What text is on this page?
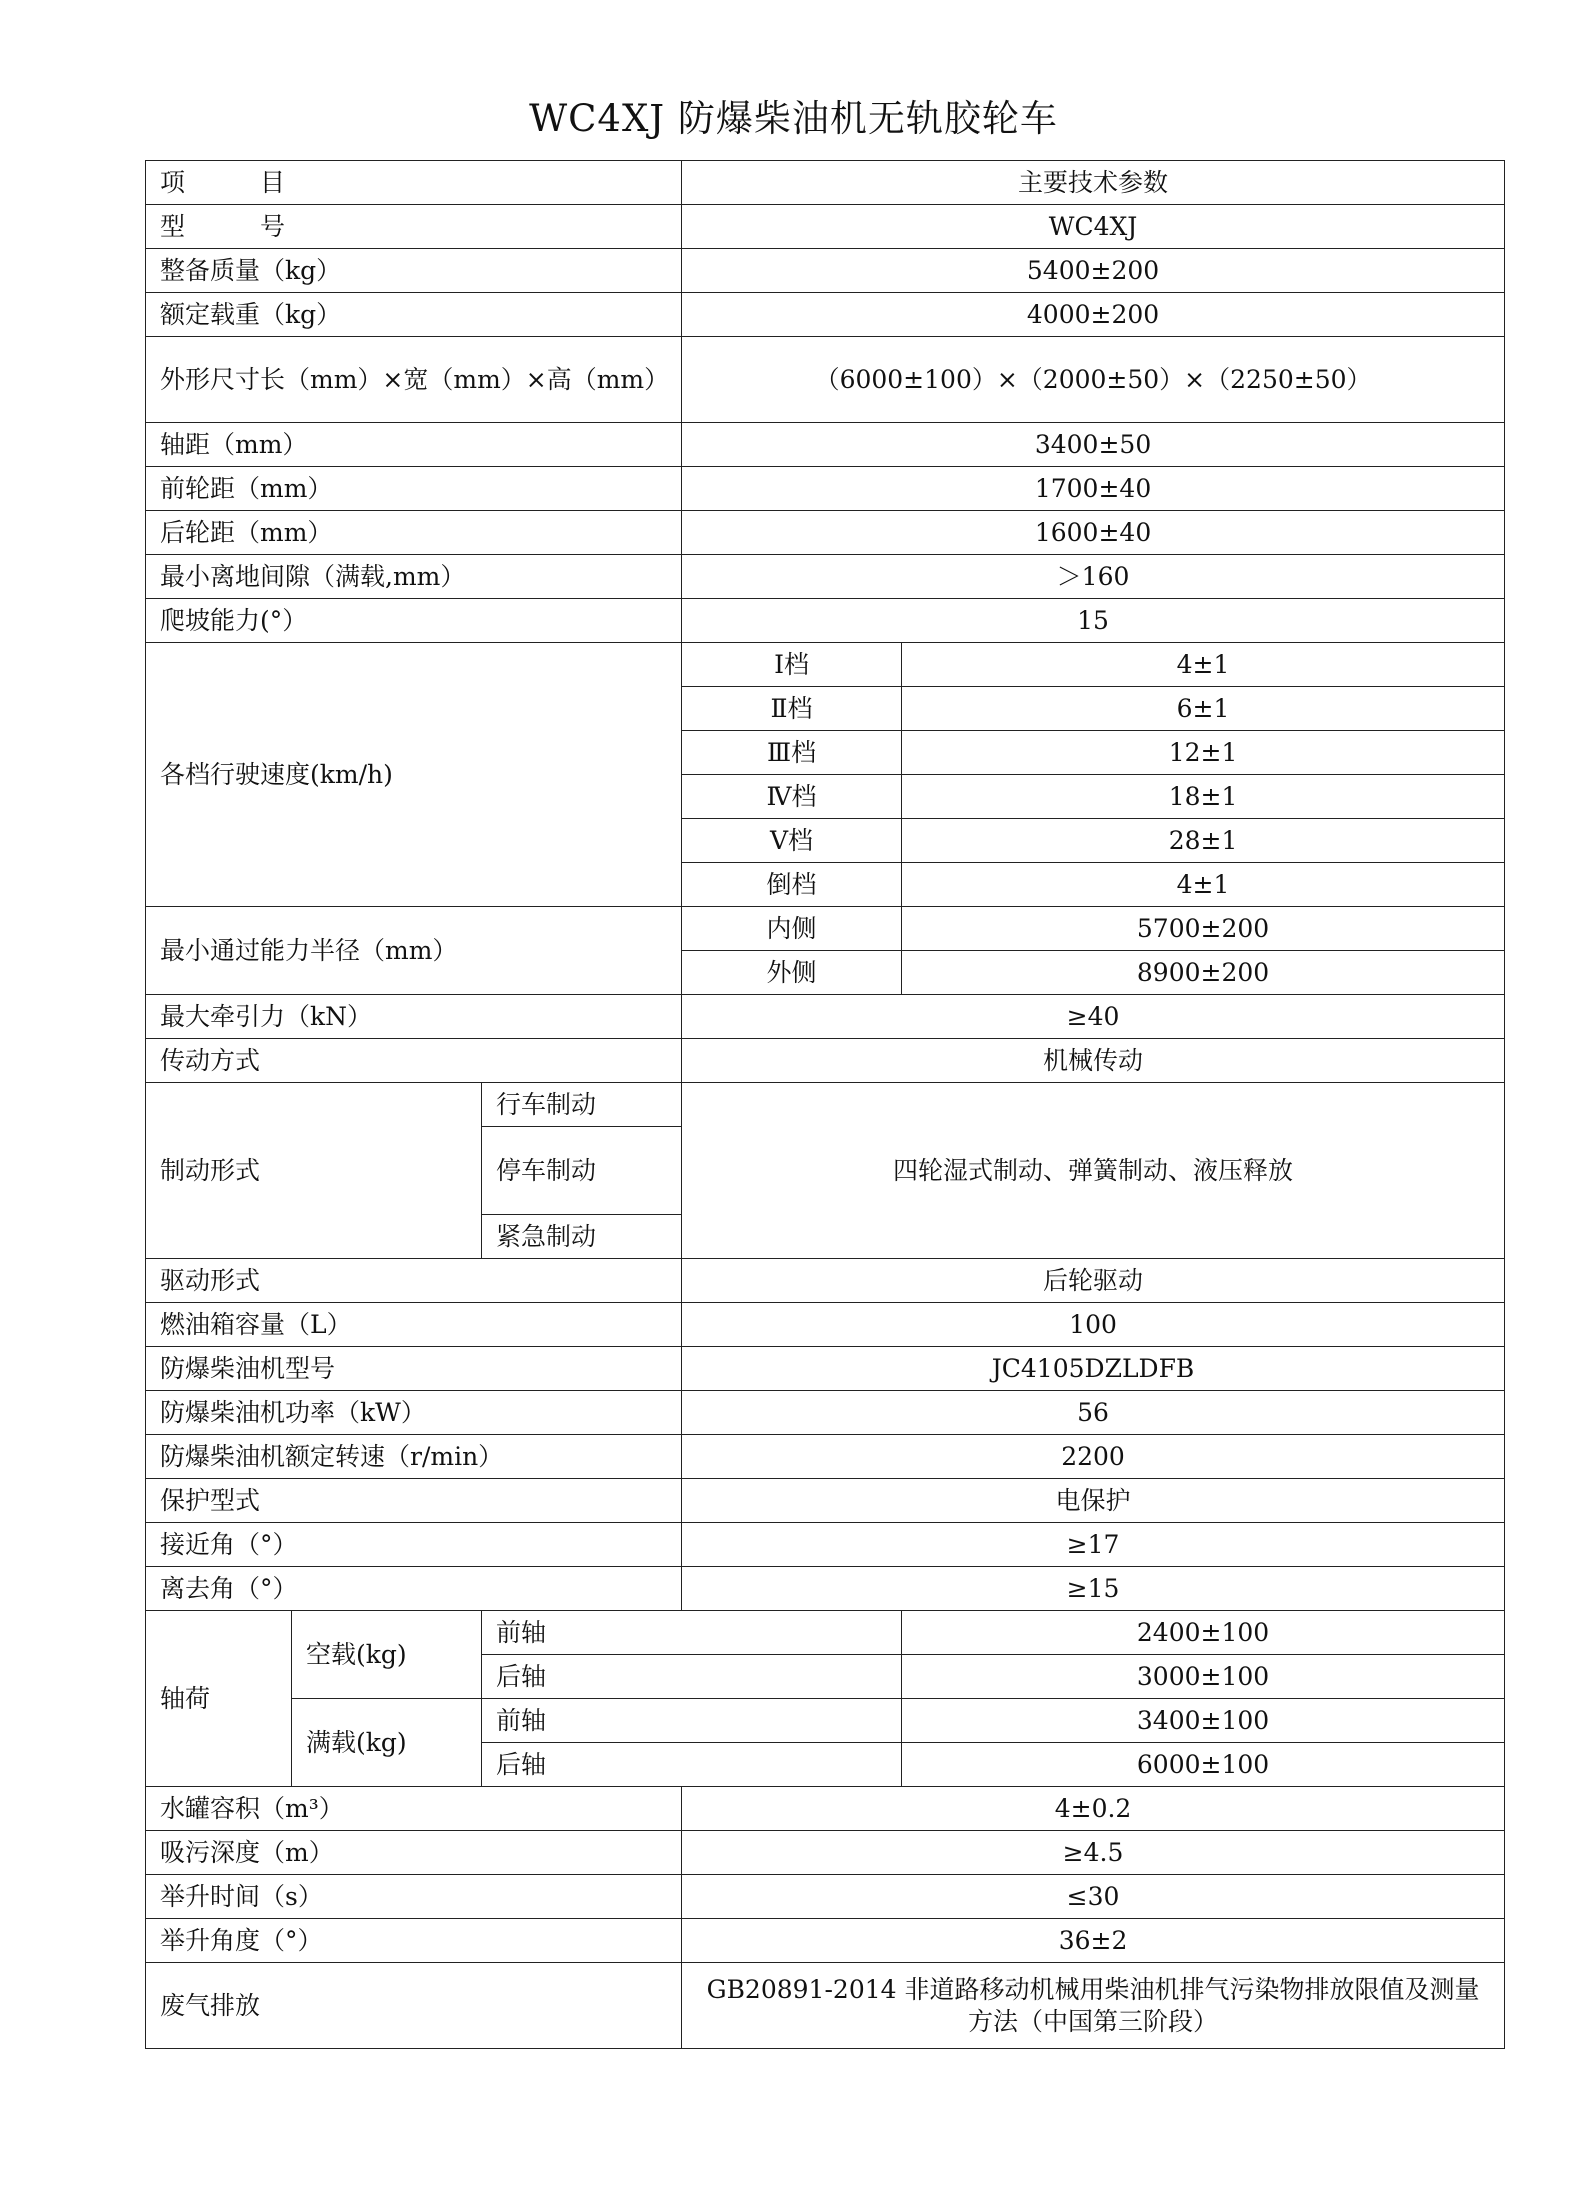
WC4XJ 防爆柴油机无轨胶轮车
项　　　目			主要技术参数	
型　　　号			WC4XJ	
整备质量（kg）			5400±200	
额定载重（kg）			4000±200	
外形尺寸长（mm）×宽（mm）×高（mm）			（6000±100）×（2000±50）×（2250±50）	
轴距（mm）			3400±50	
前轮距（mm）			1700±40	
后轮距（mm）			1600±40	
最小离地间隙（满载,mm）			＞160	
爬坡能力(°）			15	
各档行驶速度(km/h)			Ⅰ档	4±1
			Ⅱ档	6±1
			Ⅲ档	12±1
			Ⅳ档	18±1
			Ⅴ档	28±1
			倒档	4±1
最小通过能力半径（mm）			内侧	5700±200
			外侧	8900±200
最大牵引力（kN）			≥40	
传动方式			机械传动	
制动形式		行车制动	四轮湿式制动、弹簧制动、液压释放	
		停车制动		
		紧急制动		
驱动形式			后轮驱动	
燃油箱容量（L）			100	
防爆柴油机型号			JC4105DZLDFB	
防爆柴油机功率（kW）			56	
防爆柴油机额定转速（r/min）			2200	
保护型式			电保护	
接近角（°）			≥17	
离去角（°）			≥15	
轴荷	空载(kg)	前轴		2400±100
		后轴		3000±100
	满载(kg)	前轴		3400±100
		后轴		6000±100
水罐容积（m³）			4±0.2	
吸污深度（m）			≥4.5	
举升时间（s）			≤30	
举升角度（°）			36±2	
废气排放			GB20891-2014 非道路移动机械用柴油机排气污染物排放限值及测量方法（中国第三阶段）	
